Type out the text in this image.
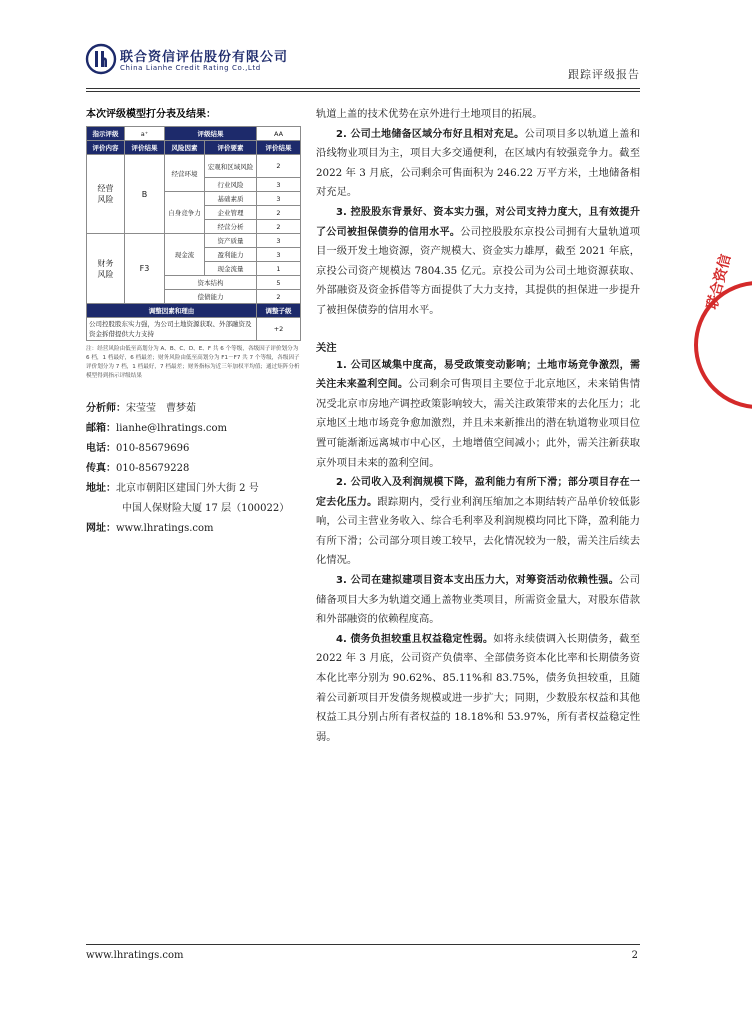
联合资信评估股份有限公司
China Lianhe Credit Rating Co.,Ltd	跟踪评级报告
本次评级模型打分表及结果：
指示评级	a⁺	评级结果		AA
评价内容	评价结果	风险因素	评价要素	评价结果
经营
风险	B	经营环境	宏观和区域风险	2
			行业风险	3
		自身竞争力	基础素质	3
			企业管理	2
			经营分析	2
财务
风险	F3	现金流	资产质量	3
			盈利能力	3
			现金流量	1
		资本结构		5
		偿债能力		2
调整因素和理由				调整子级
公司控股股东实力强，为公司土地资源获取、外部融资及资金拆借提供大力支持				+2
注：经营风险由低至高划分为 A、B、C、D、E、F 共 6 个等级，各级因子评价划分为 6 档，1 档最好，6 档最差；财务风险由低至高划分为 F1－F7 共 7 个等级，各级因子评价划分为 7 档，1 档最好，7 档最差；财务指标为近三年加权平均值；通过矩阵分析模型得到指示评级结果
分析师：宋莹莹　曹梦茹
邮箱：lianhe@lhratings.com
电话：010-85679696
传真：010-85679228
地址：北京市朝阳区建国门外大街 2 号
中国人保财险大厦 17 层（100022）
网址：www.lhratings.com

轨道上盖的技术优势在京外进行土地项目的拓展。

2. 公司土地储备区域分布好且相对充足。公司项目多以轨道上盖和沿线物业项目为主，项目大多交通便利，在区域内有较强竞争力。截至 2022 年 3 月底，公司剩余可售面积为 246.22 万平方米，土地储备相对充足。

3. 控股股东背景好、资本实力强，对公司支持力度大，且有效提升了公司被担保债券的信用水平。公司控股股东京投公司拥有大量轨道项目一级开发土地资源，资产规模大、资金实力雄厚，截至 2021 年底，京投公司资产规模达 7804.35 亿元。京投公司为公司土地资源获取、外部融资及资金拆借等方面提供了大力支持，其提供的担保进一步提升了被担保债券的信用水平。

关注

1. 公司区域集中度高，易受政策变动影响；土地市场竞争激烈，需关注未来盈利空间。公司剩余可售项目主要位于北京地区，未来销售情况受北京市房地产调控政策影响较大，需关注政策带来的去化压力；北京地区土地市场竞争愈加激烈，并且未来新推出的潜在轨道物业项目位置可能渐渐远离城市中心区，土地增值空间减小；此外，需关注新获取京外项目未来的盈利空间。

2. 公司收入及利润规模下降，盈利能力有所下滑；部分项目存在一定去化压力。跟踪期内，受行业利润压缩加之本期结转产品单价较低影响，公司主营业务收入、综合毛利率及利润规模均同比下降，盈利能力有所下滑；公司部分项目竣工较早，去化情况较为一般，需关注后续去化情况。

3. 公司在建拟建项目资本支出压力大，对筹资活动依赖性强。公司储备项目大多为轨道交通上盖物业类项目，所需资金量大，对股东借款和外部融资的依赖程度高。

4. 债务负担较重且权益稳定性弱。如将永续债调入长期债务，截至 2022 年 3 月底，公司资产负债率、全部债务资本化比率和长期债务资本化比率分别为 90.62%、85.11%和 83.75%，债务负担较重，且随着公司新项目开发债务规模或进一步扩大；同期，少数股东权益和其他权益工具分别占所有者权益的 18.18%和 53.97%，所有者权益稳定性弱。

联合资信
www.lhratings.com	2
